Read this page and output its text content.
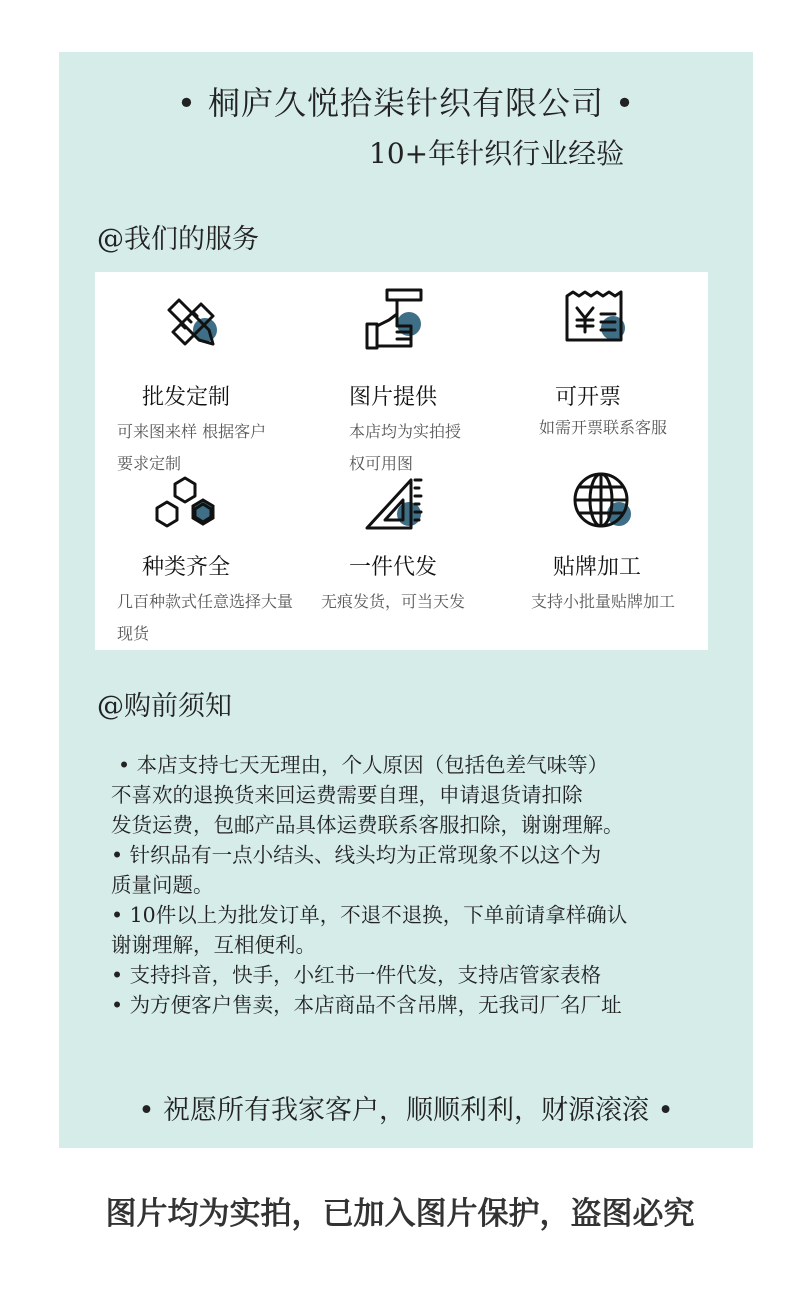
• 桐庐久悦拾柒针织有限公司 •
10+年针织行业经验
@我们的服务
批发定制
可来图来样 根据客户要求定制
图片提供
本店均为实拍授权可用图
可开票
如需开票联系客服
种类齐全
几百种款式任意选择大量现货
一件代发
无痕发货，可当天发
贴牌加工
支持小批量贴牌加工
@购前须知

• 本店支持七天无理由，个人原因（包括色差气味等）

不喜欢的退换货来回运费需要自理，申请退货请扣除

发货运费，包邮产品具体运费联系客服扣除，谢谢理解。

• 针织品有一点小结头、线头均为正常现象不以这个为

质量问题。

• 10件以上为批发订单，不退不退换，下单前请拿样确认

谢谢理解，互相便利。

• 支持抖音，快手，小红书一件代发，支持店管家表格

• 为方便客户售卖，本店商品不含吊牌，无我司厂名厂址

• 祝愿所有我家客户，顺顺利利，财源滚滚 •
图片均为实拍，已加入图片保护，盗图必究
